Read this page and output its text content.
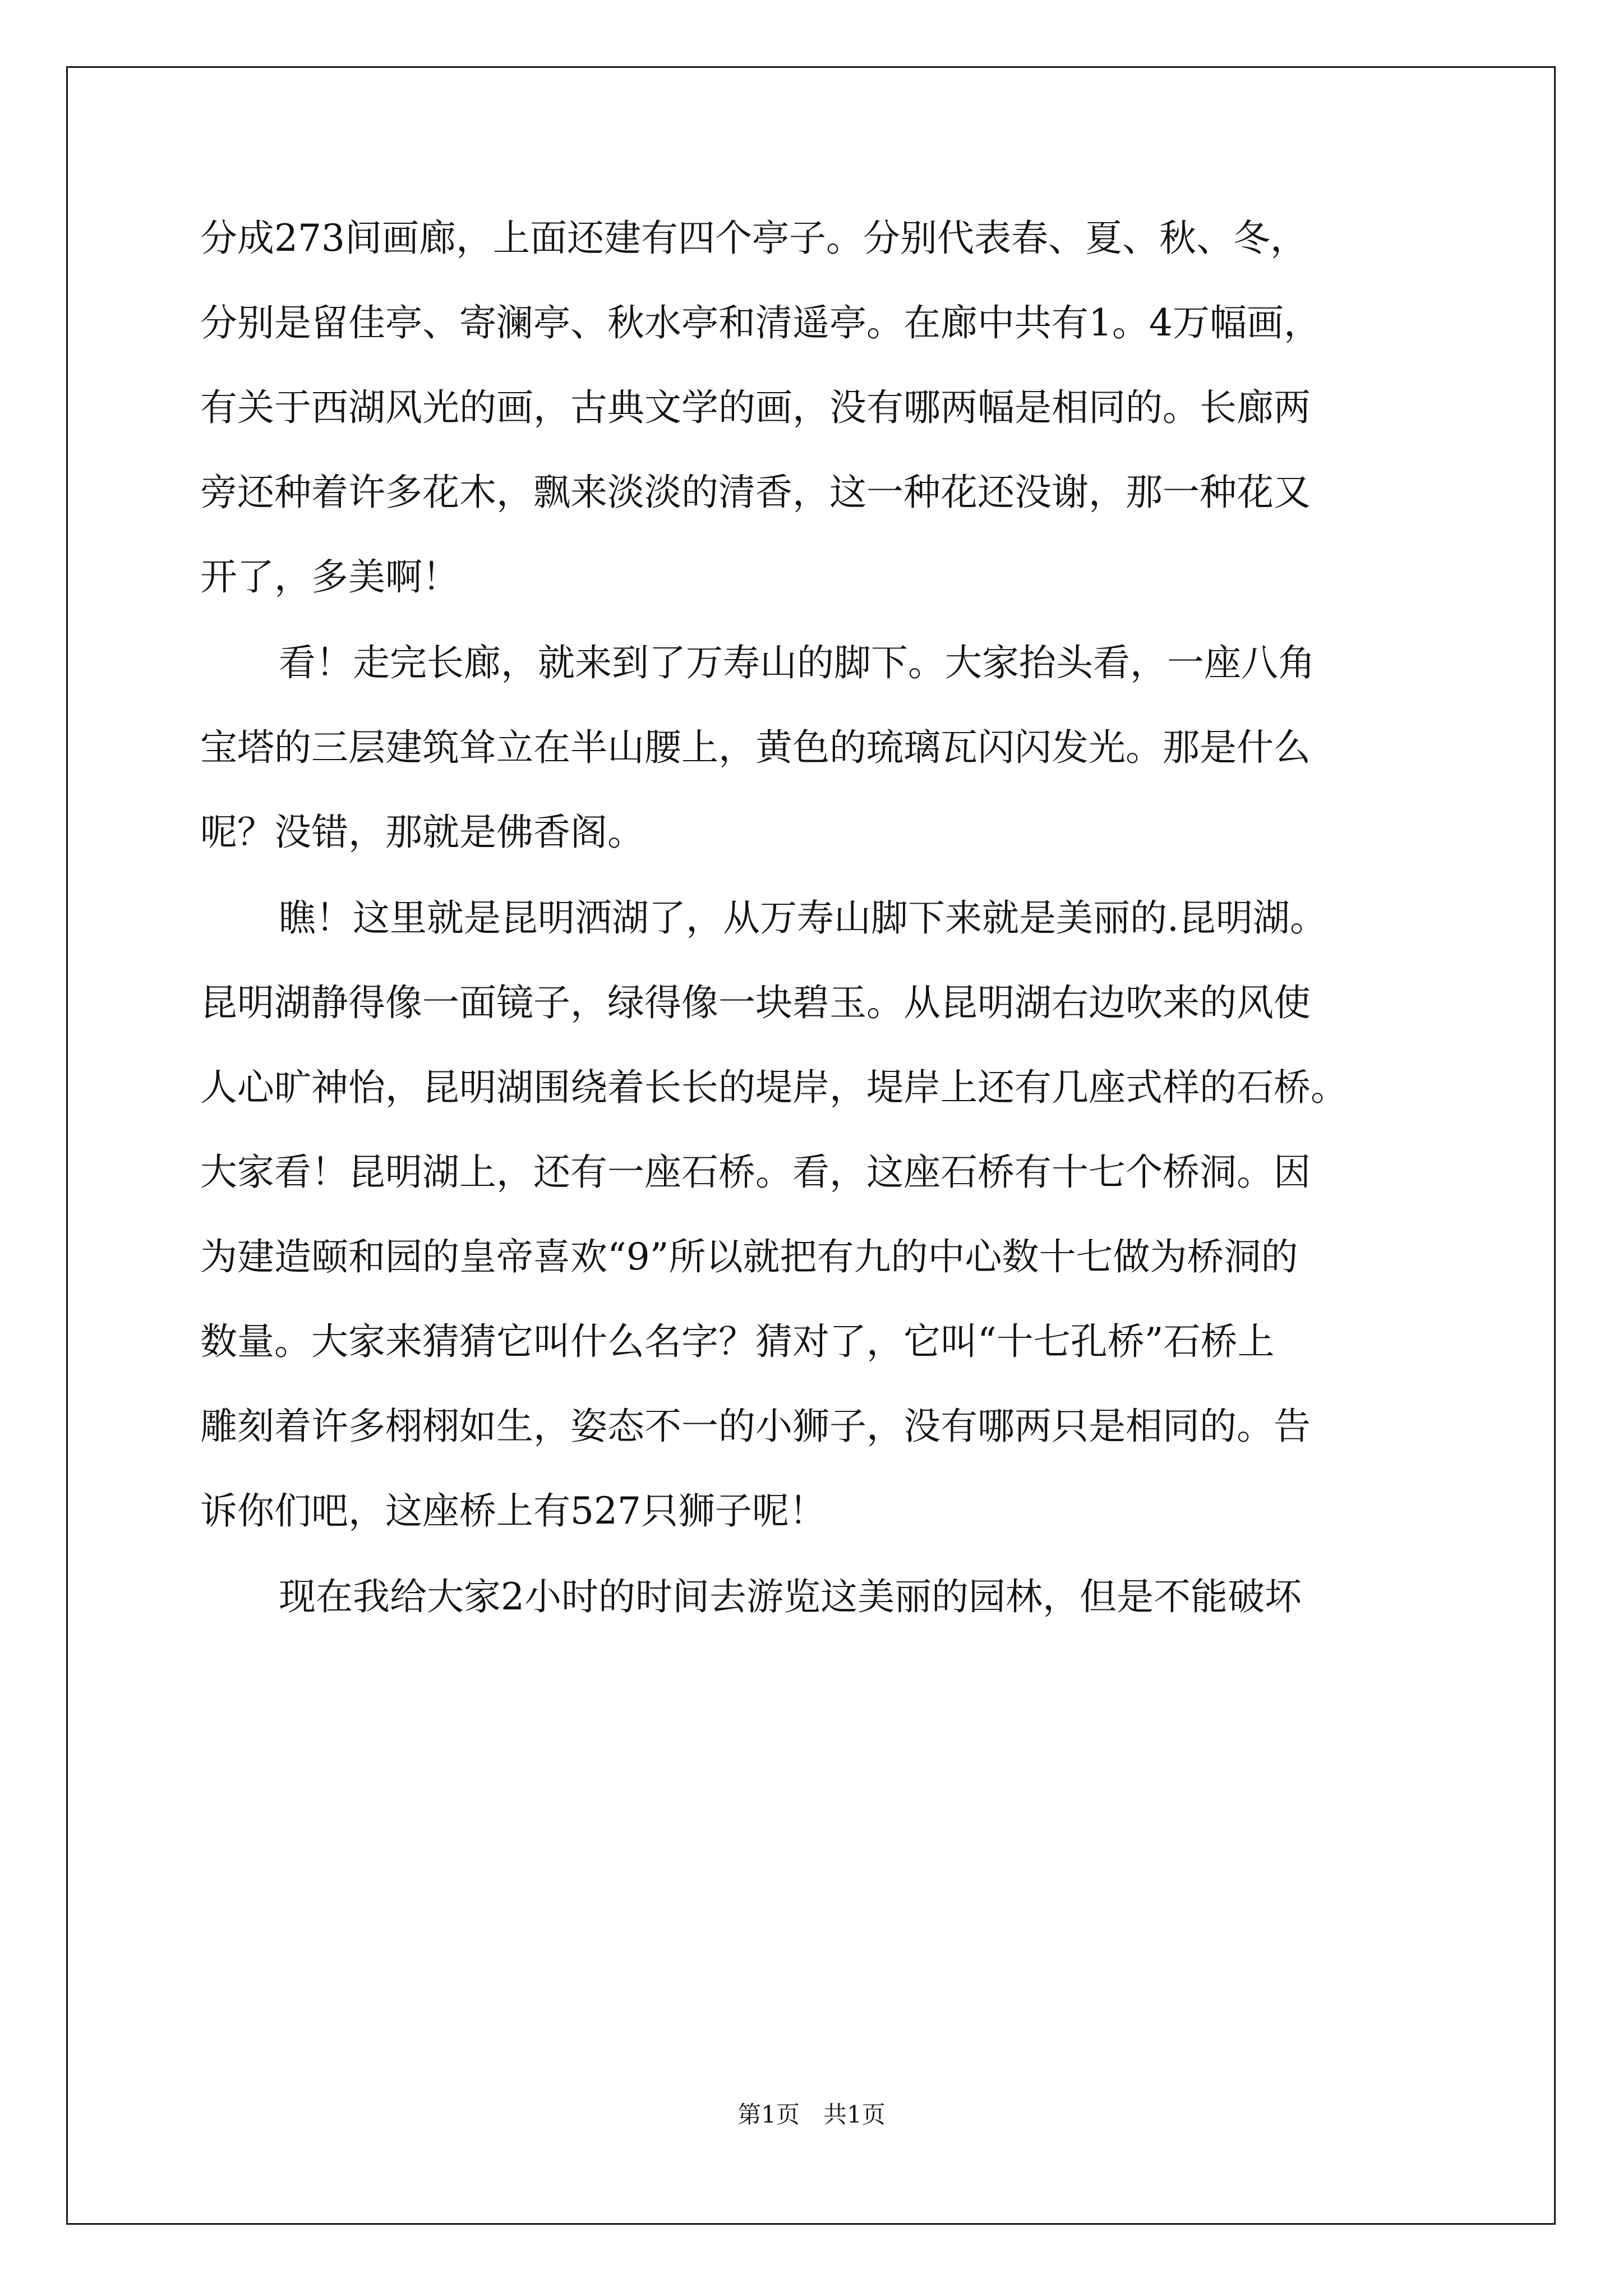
分成273间画廊，上面还建有四个亭子。分别代表春、夏、秋、冬，
分别是留佳亭、寄澜亭、秋水亭和清遥亭。在廊中共有1。4万幅画，
有关于西湖风光的画，古典文学的画，没有哪两幅是相同的。长廊两
旁还种着许多花木，飘来淡淡的清香，这一种花还没谢，那一种花又
开了，多美啊！
看！走完长廊，就来到了万寿山的脚下。大家抬头看，一座八角
宝塔的三层建筑耸立在半山腰上，黄色的琉璃瓦闪闪发光。那是什么
呢？没错，那就是佛香阁。
瞧！这里就是昆明洒湖了，从万寿山脚下来就是美丽的.昆明湖。
昆明湖静得像一面镜子，绿得像一块碧玉。从昆明湖右边吹来的风使
人心旷神怡，昆明湖围绕着长长的堤岸，堤岸上还有几座式样的石桥。
大家看！昆明湖上，还有一座石桥。看，这座石桥有十七个桥洞。因
为建造颐和园的皇帝喜欢“9”所以就把有九的中心数十七做为桥洞的
数量。大家来猜猜它叫什么名字？猜对了，它叫“十七孔桥”石桥上
雕刻着许多栩栩如生，姿态不一的小狮子，没有哪两只是相同的。告
诉你们吧，这座桥上有527只狮子呢！
现在我给大家2小时的时间去游览这美丽的园林，但是不能破坏
第1页　共1页
